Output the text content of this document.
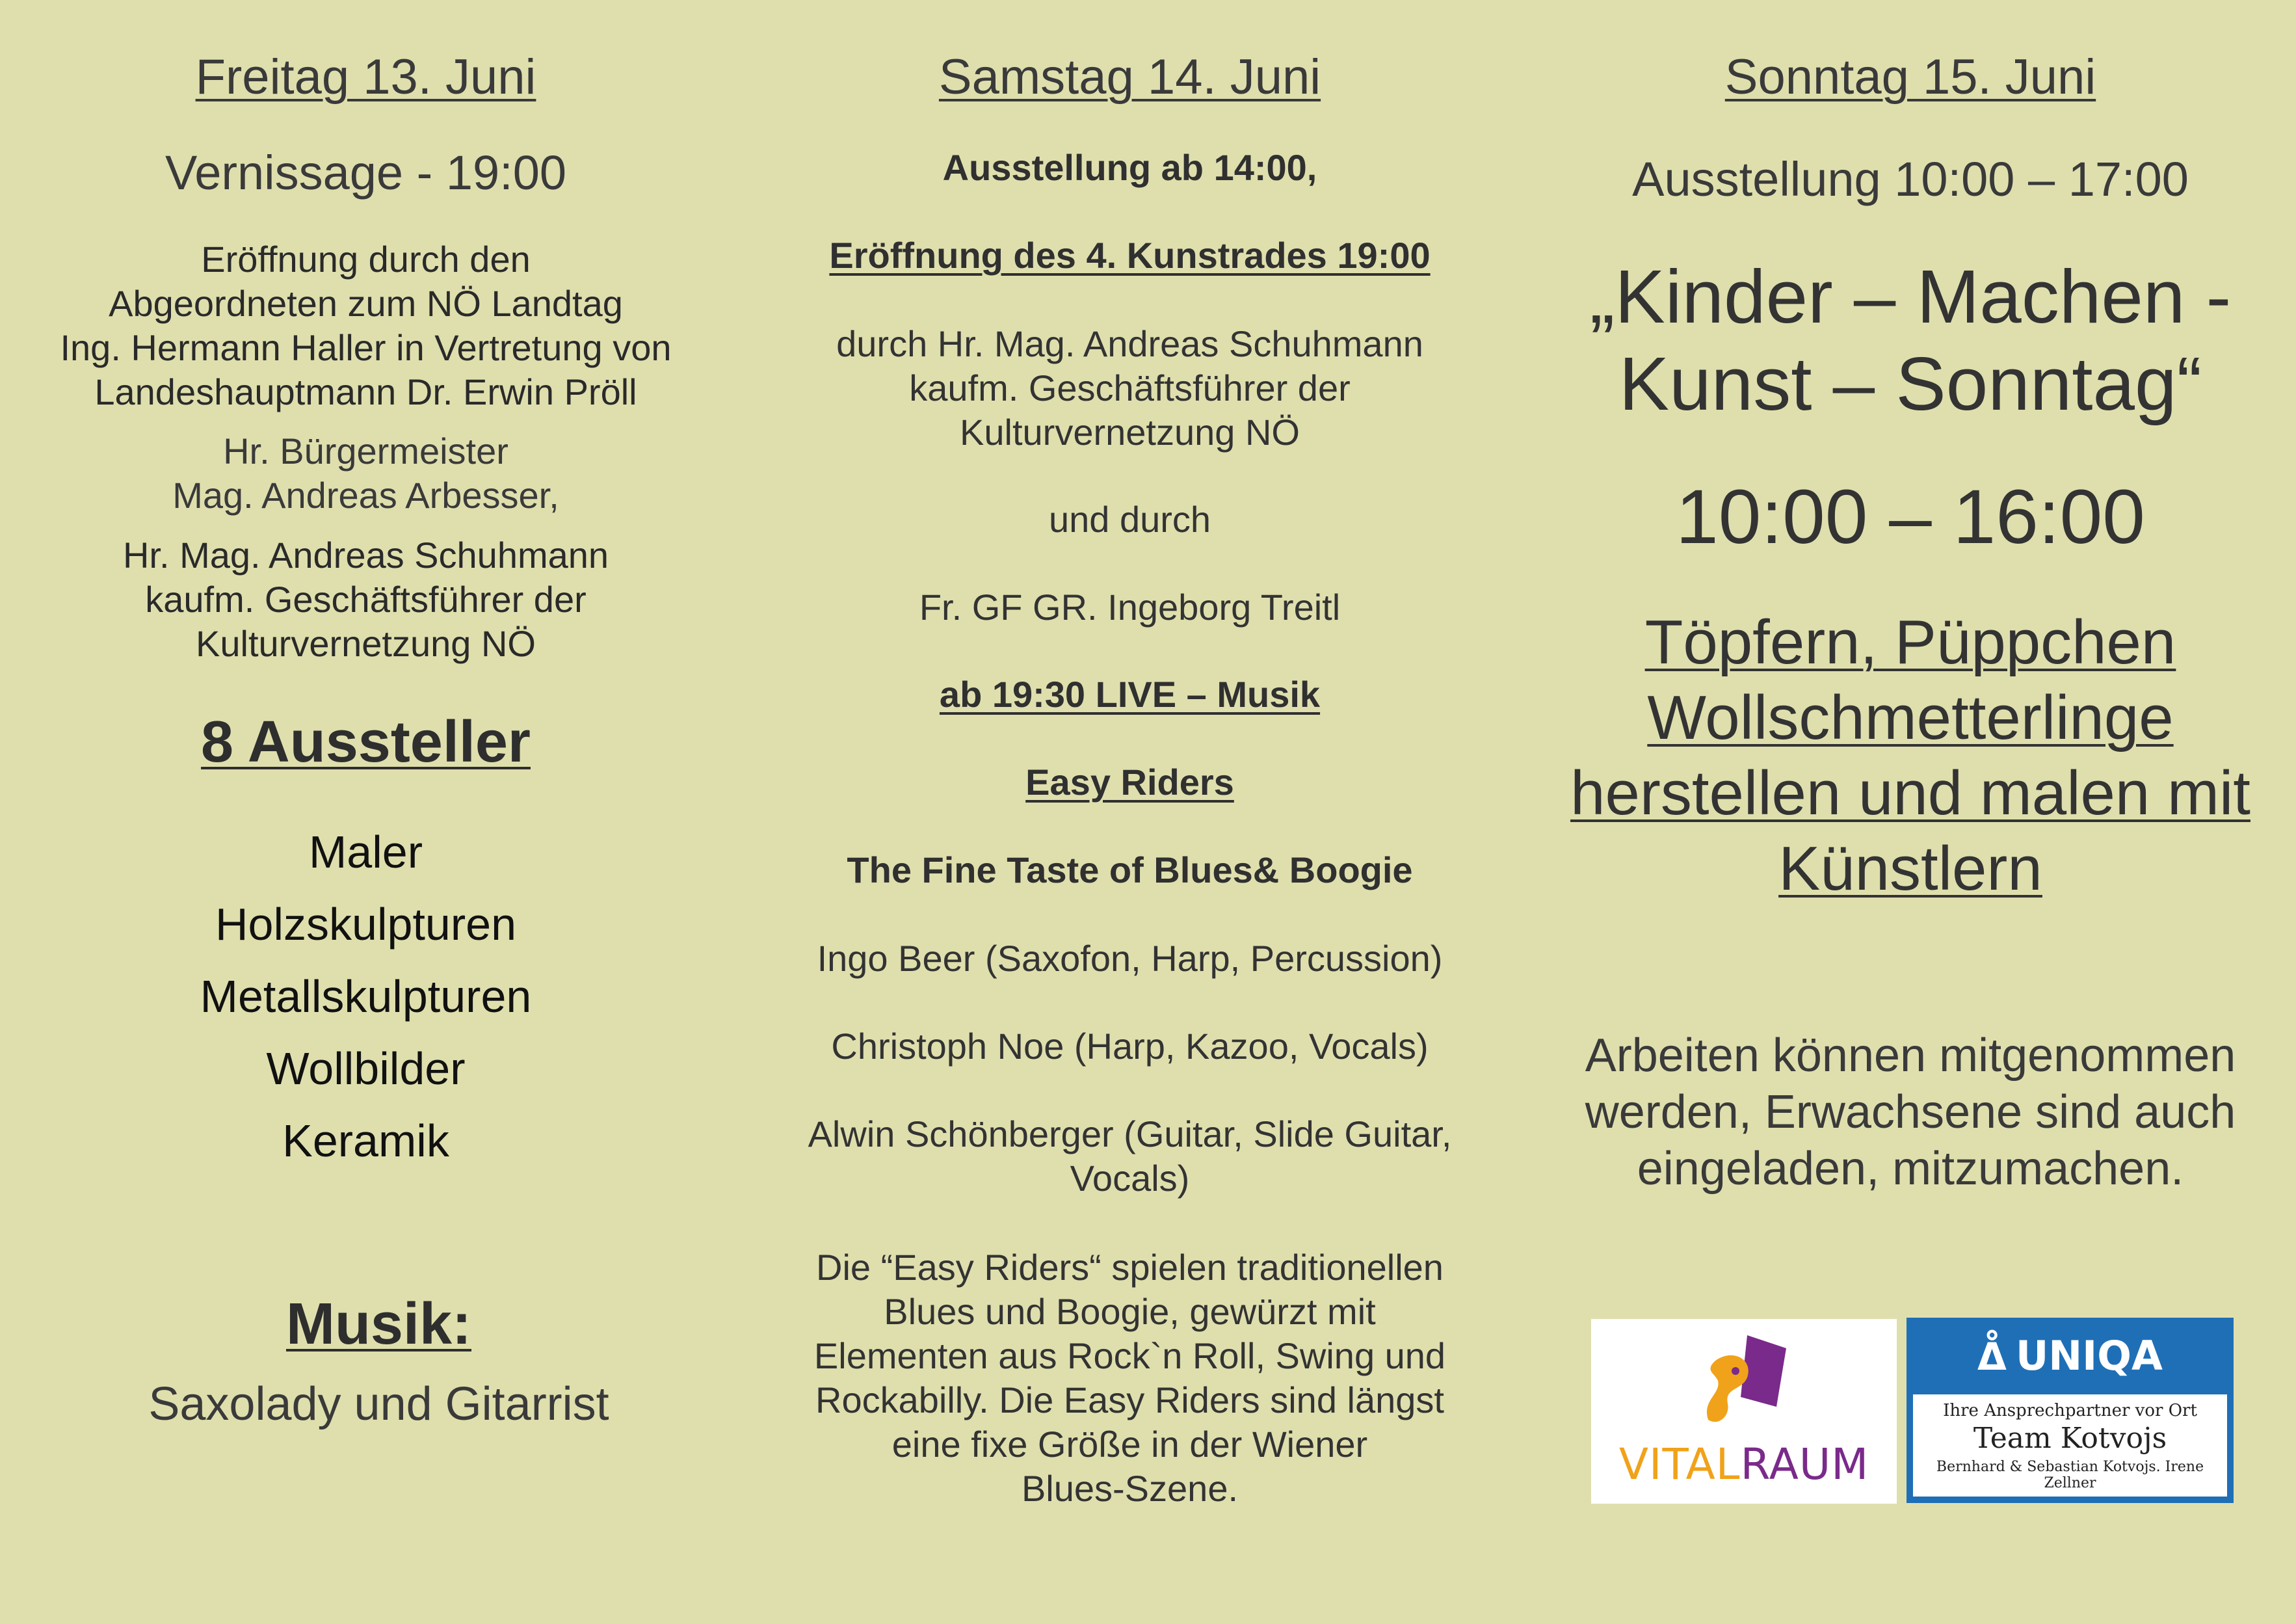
Freitag 13. Juni
Vernissage - 19:00
Eröffnung durch den
Abgeordneten zum NÖ Landtag
Ing. Hermann Haller in Vertretung von
Landeshauptmann Dr. Erwin Pröll
Hr. Bürgermeister
Mag. Andreas Arbesser,
Hr. Mag. Andreas Schuhmann
kaufm. Geschäftsführer der
Kulturvernetzung NÖ
8 Aussteller
Maler
Holzskulpturen
Metallskulpturen
Wollbilder
Keramik
Musik:
Saxolady und Gitarrist
Samstag 14. Juni
Ausstellung ab 14:00,
Eröffnung des 4. Kunstrades 19:00
durch Hr. Mag. Andreas Schuhmann
kaufm. Geschäftsführer der
Kulturvernetzung NÖ
und durch
Fr. GF GR. Ingeborg Treitl
ab 19:30 LIVE – Musik
Easy Riders
The Fine Taste of Blues& Boogie
Ingo Beer (Saxofon, Harp, Percussion)
Christoph Noe (Harp, Kazoo, Vocals)
Alwin Schönberger (Guitar, Slide Guitar,
Vocals)
Die “Easy Riders“ spielen traditionellen
Blues und Boogie, gewürzt mit
Elementen aus Rock`n Roll, Swing und
Rockabilly. Die Easy Riders sind längst
eine fixe Größe in der Wiener
Blues-Szene.
Sonntag 15. Juni
Ausstellung 10:00 – 17:00
„Kinder – Machen -
Kunst – Sonntag“
10:00 – 16:00
Töpfern, Püppchen
Wollschmetterlinge
herstellen und malen mit
Künstlern
Arbeiten können mitgenommen
werden, Erwachsene sind auch
eingeladen, mitzumachen.
VITALRAUM
ᐂ UNIQA
Ihre Ansprechpartner vor Ort
Team Kotvojs
Bernhard & Sebastian Kotvojs. Irene Zellner
